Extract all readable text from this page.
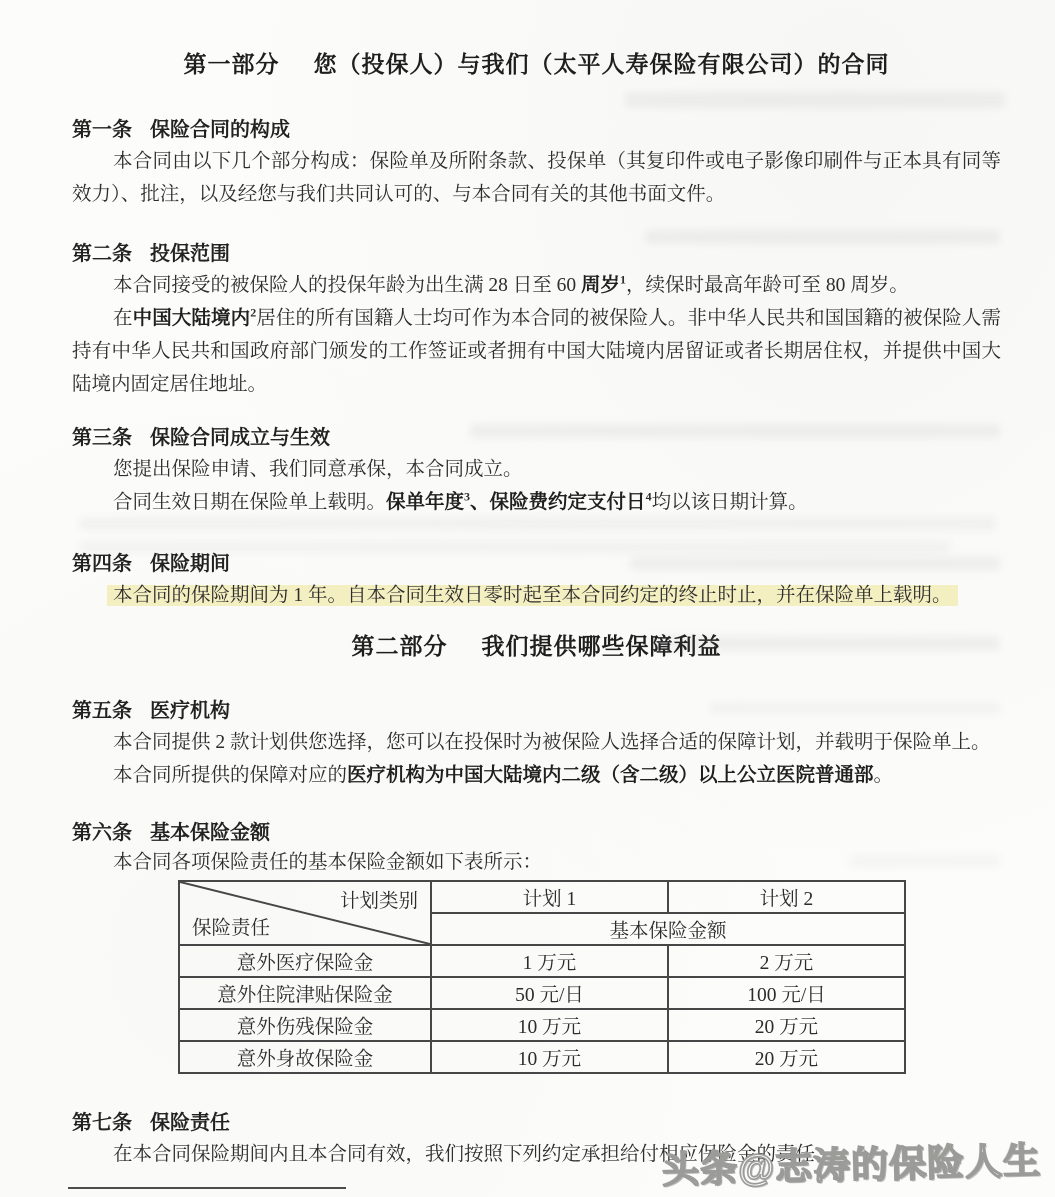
第一部分 您（投保人）与我们（太平人寿保险有限公司）的合同
第一条 保险合同的构成

本合同由以下几个部分构成：保险单及所附条款、投保单（其复印件或电子影像印刷件与正本具有同等效力）、批注，以及经您与我们共同认可的、与本合同有关的其他书面文件。

第二条 投保范围

本合同接受的被保险人的投保年龄为出生满 28 日至 60 周岁$^1$，续保时最高年龄可至 80 周岁。

在中国大陆境内$^2$居住的所有国籍人士均可作为本合同的被保险人。非中华人民共和国国籍的被保险人需持有中华人民共和国政府部门颁发的工作签证或者拥有中国大陆境内居留证或者长期居住权，并提供中国大陆境内固定居住地址。

第三条 保险合同成立与生效

您提出保险申请、我们同意承保，本合同成立。

合同生效日期在保险单上载明。保单年度$^3$、保险费约定支付日$^4$均以该日期计算。

第四条 保险期间

本合同的保险期间为 1 年。自本合同生效日零时起至本合同约定的终止时止，并在保险单上载明。

第二部分 我们提供哪些保障利益
第五条 医疗机构

本合同提供 2 款计划供您选择，您可以在投保时为被保险人选择合适的保障计划，并载明于保险单上。

本合同所提供的保障对应的医疗机构为中国大陆境内二级（含二级）以上公立医院普通部。

第六条 基本保险金额

本合同各项保险责任的基本保险金额如下表所示：

计划类别
保险责任	计划 1	计划 2
	基本保险金额	
意外医疗保险金	1 万元	2 万元
意外住院津贴保险金	50 元/日	100 元/日
意外伤残保险金	10 万元	20 万元
意外身故保险金	10 万元	20 万元
第七条 保险责任

在本合同保险期间内且本合同有效，我们按照下列约定承担给付相应保险金的责任：

头条@志涛的保险人生
